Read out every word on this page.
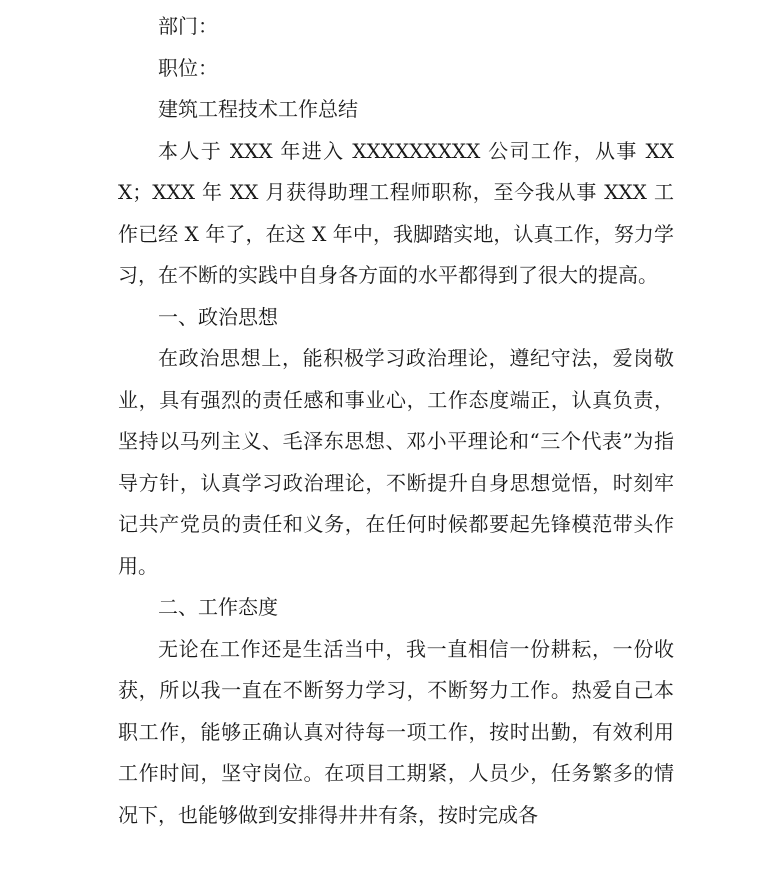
部门：

职位：

建筑工程技术工作总结

本人于 XXX 年进入 XXXXXXXXX 公司工作，从事 XXX；XXX 年 XX 月获得助理工程师职称，至今我从事 XXX 工作已经 X 年了，在这 X 年中，我脚踏实地，认真工作，努力学习，在不断的实践中自身各方面的水平都得到了很大的提高。

一、政治思想

在政治思想上，能积极学习政治理论，遵纪守法，爱岗敬业，具有强烈的责任感和事业心，工作态度端正，认真负责，坚持以马列主义、毛泽东思想、邓小平理论和“三个代表”为指导方针，认真学习政治理论，不断提升自身思想觉悟，时刻牢记共产党员的责任和义务，在任何时候都要起先锋模范带头作用。

二、工作态度

无论在工作还是生活当中，我一直相信一份耕耘，一份收获，所以我一直在不断努力学习，不断努力工作。热爱自己本职工作，能够正确认真对待每一项工作，按时出勤，有效利用工作时间，坚守岗位。在项目工期紧，人员少，任务繁多的情况下，也能够做到安排得井井有条，按时完成各
